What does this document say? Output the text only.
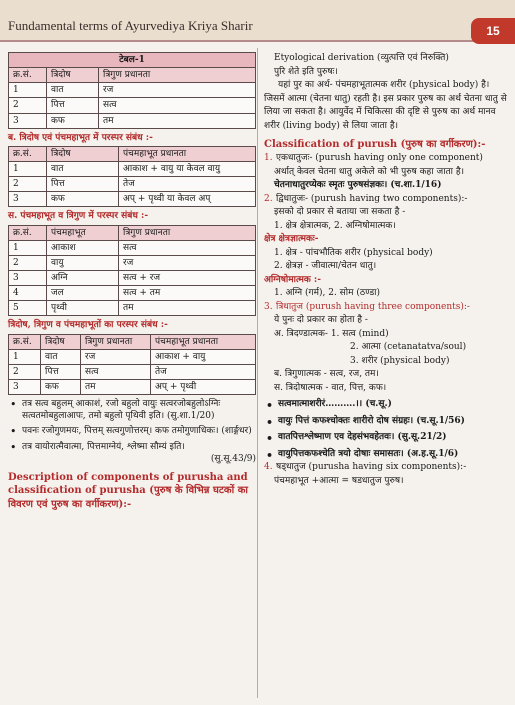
Fundamental terms of Ayurvediya Kriya Sharir	15
टेबल-1		
क्र.सं.	त्रिदोष	त्रिगुण प्रधानता
1	वात	रज
2	पित्त	सत्व
3	कफ	तम
ब. त्रिदोष एवं पंचमहाभूत में परस्पर संबंध :-
क्र.सं.	त्रिदोष	पंचमहाभूत प्रधानता
1	वात	आकाश + वायु या केवल वायु
2	पित्त	तेज
3	कफ	अप् + पृथ्वी या केवल अप्
स. पंचमहाभूत व त्रिगुण में परस्पर संबंध :-
क्र.सं.	पंचमहाभूत	त्रिगुण प्रधानता
1	आकाश	सत्व
2	वायु	रज
3	अग्नि	सत्व + रज
4	जल	सत्व + तम
5	पृथ्वी	तम
त्रिदोष, त्रिगुण व पंचमहाभूतों का परस्पर संबंध :-
क्र.सं.	त्रिदोष	त्रिगुण प्रधानता	पंचमहाभूत प्रधानता
1	वात	रज	आकाश + वायु
2	पित्त	सत्व	तेज
3	कफ	तम	अप् + पृथ्वी
• तत्र सत्व बहुलम् आकाशं, रजो बहुलो वायुः सत्वरजोबहुलोऽग्निः सत्वतमोबहुलाआपः, तमो बहुलो पृथिवी इति। (सु.शा.1/20)
• पवनः रजोगुणमयः, पित्तम् सत्वगुणोत्तरम्। कफ तमोगुणाधिकः। (शार्ङ्गधर)
• तत्र वायोरात्मैवात्मा, पित्तमाग्नेयं, श्लेष्मा सौम्यं इति।
(सु.सू.43/9)
Description of components of purusha and classification of purusha (पुरुष के विभिन्न घटकों का विवरण एवं पुरुष का वर्गीकरण):-
Etyological derivation (व्युत्पत्ति एवं निरुक्ति)
पुरि शेते इति पुरुषः।
यहां पुर का अर्थ- पंचमहाभूतात्मक शरीर (physical body) है। जिसमें आत्मा (चेतना धातु) रहती है। इस प्रकार पुरुष का अर्थ चेतना धातु से लिया जा सकता है। आयुर्वेद में चिकित्सा की दृष्टि से पुरुष का अर्थ मानव शरीर (living body) से लिया जाता है।
Classification of purush (पुरुष का वर्गीकरण):-
1. एकधातुजः- (purush having only one component)
अर्थात् केवल चेतना धातु अकेले को भी पुरुष कहा जाता है।
चेतनाधातुरप्येकः स्मृतः पुरुषसंज्ञकः। (च.शा.1/16)
2. द्विधातुजः- (purush having two components):-
इसको दो प्रकार से बताया जा सकता है -
1. क्षेत्र क्षेत्रात्मक, 2. अग्निषोमात्मक।
क्षेत्र क्षेत्रज्ञात्मकः-
1. क्षेत्र - पांचभौतिक शरीर (physical body)
2. क्षेत्रज्ञ - जीवात्मा/चेतन धातु।
अग्निषोमात्मक :-
1. अग्नि (गर्म), 2. सोम (ठण्डा)
3. त्रिधातुज (purush having three components):-
ये पुनः दो प्रकार का होता है -
अ. त्रिदण्डात्मक- 1. सत्व (mind)
2. आत्मा (cetanatatva/soul)
3. शरीर (physical body)
ब. त्रिगुणात्मक - सत्व, रज, तम।
स. त्रिदोषात्मक - वात, पित्त, कफ।
• सत्वमात्माशरीरं……….।। (च.सू.)
• वायुः पित्तं कफश्चोक्तः शारीरो दोष संग्रहः। (च.सू.1/56)
• वातपित्तश्लेष्माण एव देहसंभवहेतवः। (सु.सू.21/2)
• वायुपित्तकफश्चेति त्रयो दोषाः समासतः। (अ.ह.सू.1/6)
4. षड्धातुज (purusha having six components):-
पंचमहाभूत +आत्मा = षडधातुज पुरुष।
